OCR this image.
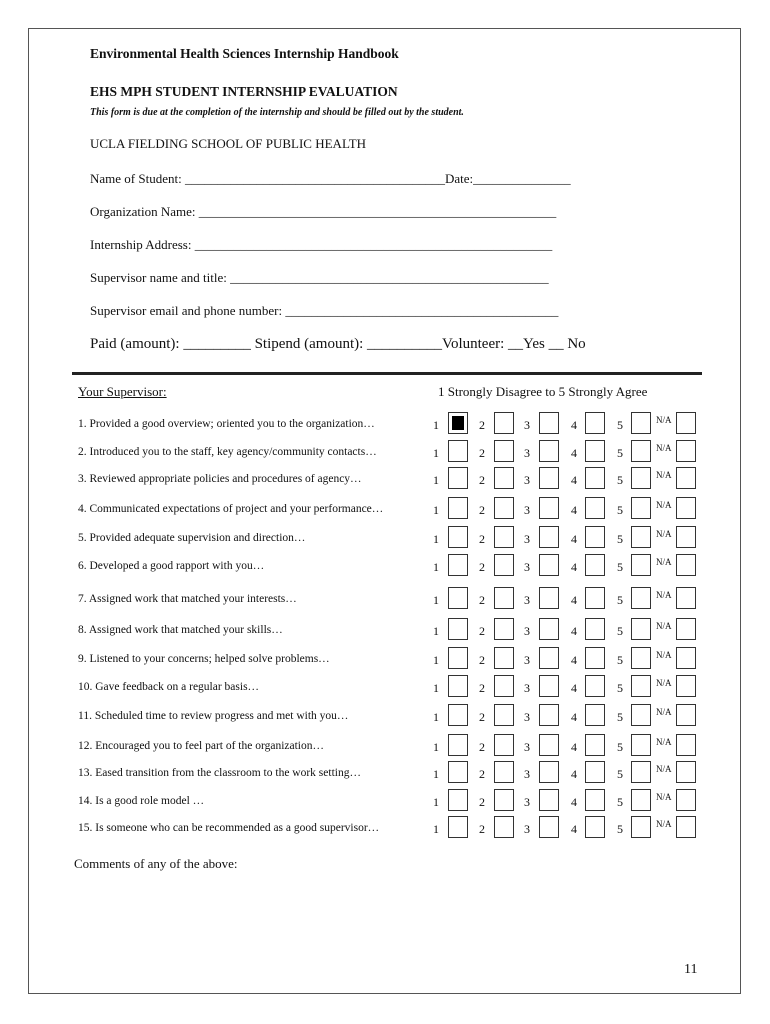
Environmental Health Sciences Internship Handbook
EHS MPH STUDENT INTERNSHIP EVALUATION
This form is due at the completion of the internship and should be filled out by the student.
UCLA FIELDING SCHOOL OF PUBLIC HEALTH
Name of Student: ________________________________________Date:_______________
Organization Name: _______________________________________________________
Internship Address: _______________________________________________________
Supervisor name and title: _________________________________________________
Supervisor email and phone number: __________________________________________
Paid (amount): _________ Stipend (amount): __________Volunteer: __Yes __ No
Your Supervisor:	1 Strongly Disagree to 5 Strongly Agree
1. Provided a good overview; oriented you to the organization…	1	2	3	4	5	N/A
2. Introduced you to the staff, key agency/community contacts…	1	2	3	4	5	N/A
3. Reviewed appropriate policies and procedures of agency…	1	2	3	4	5	N/A
4. Communicated expectations of project and your performance…	1	2	3	4	5	N/A
5. Provided adequate supervision and direction…	1	2	3	4	5	N/A
6. Developed a good rapport with you…	1	2	3	4	5	N/A
7. Assigned work that matched your interests…	1	2	3	4	5	N/A
8. Assigned work that matched your skills…	1	2	3	4	5	N/A
9. Listened to your concerns; helped solve problems…	1	2	3	4	5	N/A
10. Gave feedback on a regular basis…	1	2	3	4	5	N/A
11. Scheduled time to review progress and met with you…	1	2	3	4	5	N/A
12. Encouraged you to feel part of the organization…	1	2	3	4	5	N/A
13. Eased transition from the classroom to the work setting…	1	2	3	4	5	N/A
14. Is a good role model …	1	2	3	4	5	N/A
15. Is someone who can be recommended as a good supervisor…	1	2	3	4	5	N/A
Comments of any of the above:
11
